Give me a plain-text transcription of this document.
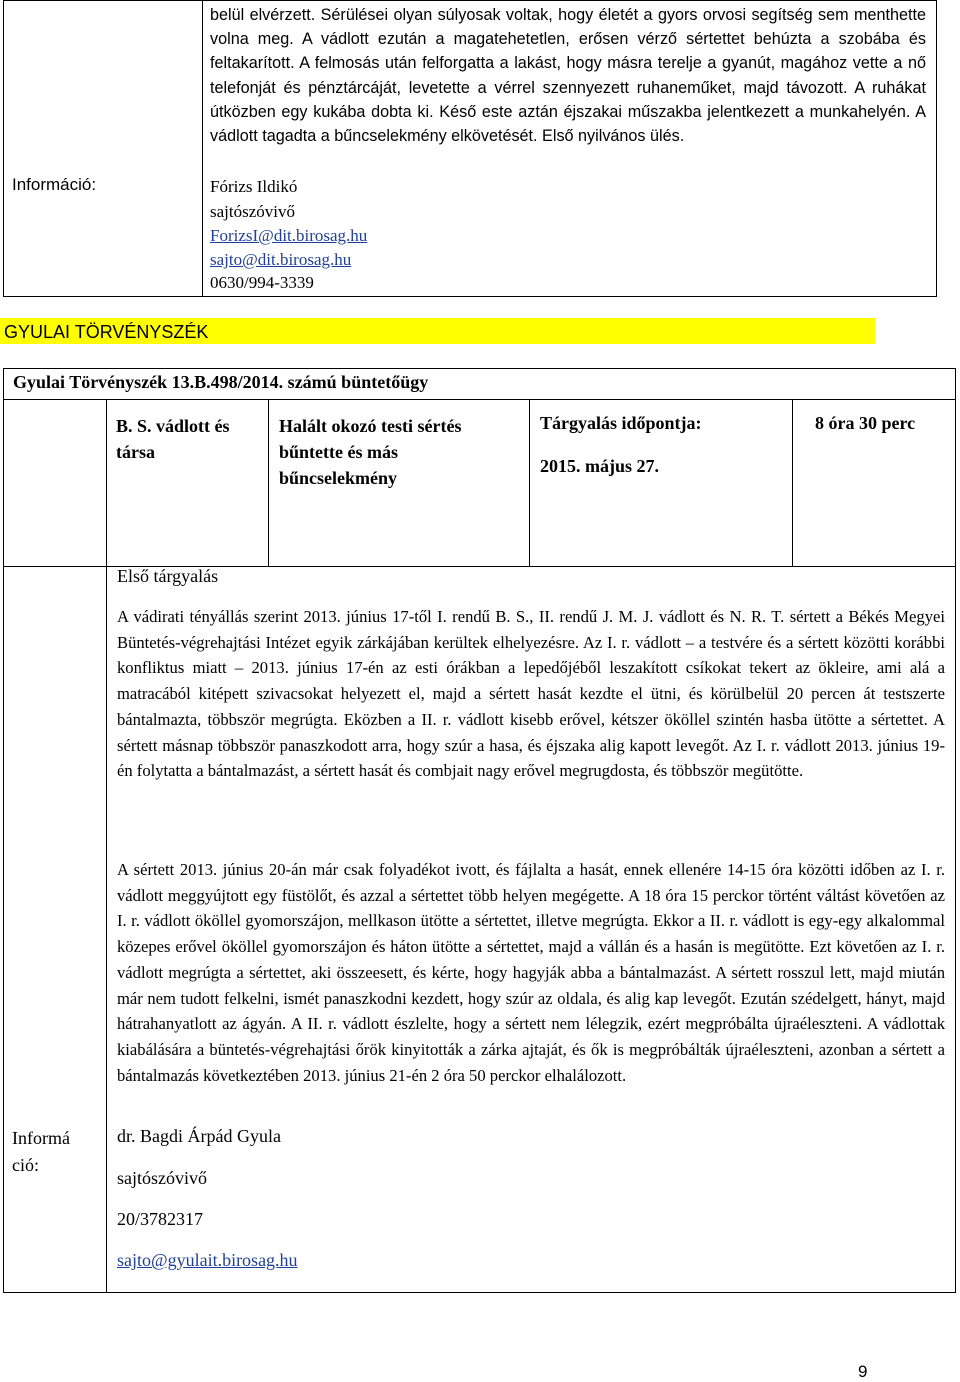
Információ:
belül elvérzett. Sérülései olyan súlyosak voltak, hogy életét a gyors orvosi segítség sem menthette volna meg. A vádlott ezután a magatehetetlen, erősen vérző sértettet behúzta a szobába és feltakarított. A felmosás után felforgatta a lakást, hogy másra terelje a gyanút, magához vette a nő telefonját és pénztárcáját, levetette a vérrel szennyezett ruhaneműket, majd távozott. A ruhákat útközben egy kukába dobta ki. Késő este aztán éjszakai műszakba jelentkezett a munkahelyén. A vádlott tagadta a bűncselekmény elkövetését. Első nyilvános ülés.
Fórizs Ildikó
sajtószóvivő
ForizsI@dit.birosag.hu
sajto@dit.birosag.hu
0630/994-3339
GYULAI TÖRVÉNYSZÉK
Gyulai Törvényszék 13.B.498/2014. számú büntetőügy
B. S. vádlott és társa
Halált okozó testi sértés bűntette és más bűncselekmény
Tárgyalás időpontja:
2015. május 27.
8 óra 30 perc
Első tárgyalás
A vádirati tényállás szerint 2013. június 17-től I. rendű B. S., II. rendű J. M. J. vádlott és N. R. T. sértett a Békés Megyei Büntetés-végrehajtási Intézet egyik zárkájában kerültek elhelyezésre. Az I. r. vádlott – a testvére és a sértett közötti korábbi konfliktus miatt – 2013. június 17-én az esti órákban a lepedőjéből leszakított csíkokat tekert az ökleire, ami alá a matracából kitépett szivacsokat helyezett el, majd a sértett hasát kezdte el ütni, és körülbelül 20 percen át testszerte bántalmazta, többször megrúgta. Eközben a II. r. vádlott kisebb erővel, kétszer ököllel szintén hasba ütötte a sértettet. A sértett másnap többször panaszkodott arra, hogy szúr a hasa, és éjszaka alig kapott levegőt. Az I. r. vádlott 2013. június 19-én folytatta a bántalmazást, a sértett hasát és combjait nagy erővel megrugdosta, és többször megütötte.
A sértett 2013. június 20-án már csak folyadékot ivott, és fájlalta a hasát, ennek ellenére 14-15 óra közötti időben az I. r. vádlott meggyújtott egy füstölőt, és azzal a sértettet több helyen megégette. A 18 óra 15 perckor történt váltást követően az I. r. vádlott ököllel gyomorszájon, mellkason ütötte a sértettet, illetve megrúgta. Ekkor a II. r. vádlott is egy-egy alkalommal közepes erővel ököllel gyomorszájon és háton ütötte a sértettet, majd a vállán és a hasán is megütötte. Ezt követően az I. r. vádlott megrúgta a sértettet, aki összeesett, és kérte, hogy hagyják abba a bántalmazást. A sértett rosszul lett, majd miután már nem tudott felkelni, ismét panaszkodni kezdett, hogy szúr az oldala, és alig kap levegőt. Ezután szédelgett, hányt, majd hátrahanyatlott az ágyán. A II. r. vádlott észlelte, hogy a sértett nem lélegzik, ezért megpróbálta újraéleszteni. A vádlottak kiabálására a büntetés-végrehajtási őrök kinyitották a zárka ajtaját, és ők is megpróbálták újraéleszteni, azonban a sértett a bántalmazás következtében 2013. június 21-én 2 óra 50 perckor elhalálozott.
Informá ció:
dr. Bagdi Árpád Gyula
sajtószóvivő
20/3782317
sajto@gyulait.birosag.hu
9
